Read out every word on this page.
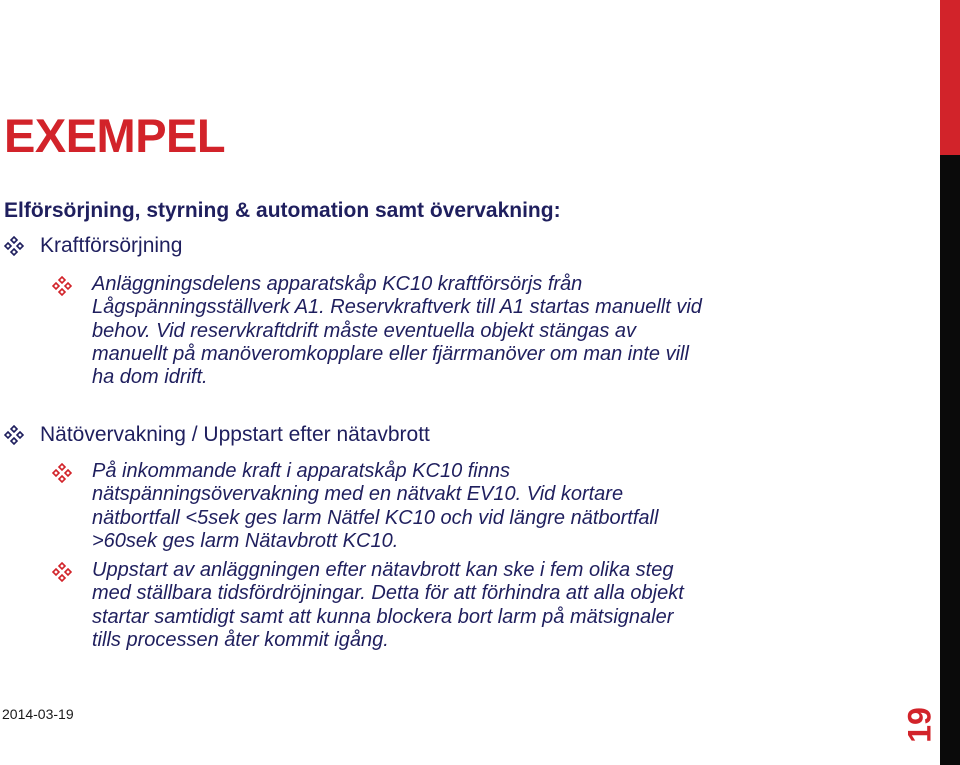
EXEMPEL
Elförsörjning, styrning & automation samt övervakning:
Kraftförsörjning
Anläggningsdelens apparatskåp KC10 kraftförsörjs från
Lågspänningsställverk A1. Reservkraftverk till A1 startas manuellt vid
behov. Vid reservkraftdrift måste eventuella objekt stängas av
manuellt på manöveromkopplare eller fjärrmanöver om man inte vill
ha dom idrift.
Nätövervakning / Uppstart efter nätavbrott
På inkommande kraft i apparatskåp KC10 finns
nätspänningsövervakning med en nätvakt EV10. Vid kortare
nätbortfall <5sek ges larm Nätfel KC10 och vid längre nätbortfall
>60sek ges larm Nätavbrott KC10.
Uppstart av anläggningen efter nätavbrott kan ske i fem olika steg
med ställbara tidsfördröjningar. Detta för att förhindra att alla objekt
startar samtidigt samt att kunna blockera bort larm på mätsignaler
tills processen åter kommit igång.
2014-03-19	19
